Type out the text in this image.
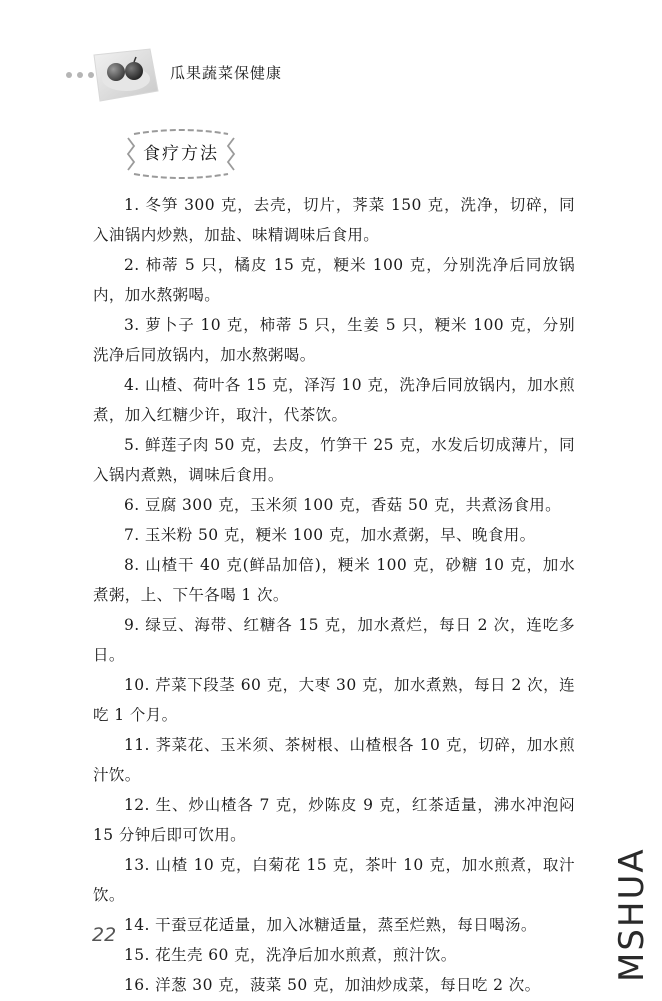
瓜果蔬菜保健康
食疗方法
1. 冬笋 300 克，去壳，切片，荠菜 150 克，洗净，切碎，同入油锅内炒熟，加盐、味精调味后食用。
2. 柿蒂 5 只，橘皮 15 克，粳米 100 克，分别洗净后同放锅内，加水熬粥喝。
3. 萝卜子 10 克，柿蒂 5 只，生姜 5 只，粳米 100 克，分别洗净后同放锅内，加水熬粥喝。
4. 山楂、荷叶各 15 克，泽泻 10 克，洗净后同放锅内，加水煎煮，加入红糖少许，取汁，代茶饮。
5. 鲜莲子肉 50 克，去皮，竹笋干 25 克，水发后切成薄片，同入锅内煮熟，调味后食用。
6. 豆腐 300 克，玉米须 100 克，香菇 50 克，共煮汤食用。
7. 玉米粉 50 克，粳米 100 克，加水煮粥，早、晚食用。
8. 山楂干 40 克(鲜品加倍)，粳米 100 克，砂糖 10 克，加水煮粥，上、下午各喝 1 次。
9. 绿豆、海带、红糖各 15 克，加水煮烂，每日 2 次，连吃多日。
10. 芹菜下段茎 60 克，大枣 30 克，加水煮熟，每日 2 次，连吃 1 个月。
11. 荠菜花、玉米须、茶树根、山楂根各 10 克，切碎，加水煎汁饮。
12. 生、炒山楂各 7 克，炒陈皮 9 克，红茶适量，沸水冲泡闷 15 分钟后即可饮用。
13. 山楂 10 克，白菊花 15 克，茶叶 10 克，加水煎煮，取汁饮。
14. 干蚕豆花适量，加入冰糖适量，蒸至烂熟，每日喝汤。
15. 花生壳 60 克，洗净后加水煎煮，煎汁饮。
16. 洋葱 30 克，菠菜 50 克，加油炒成菜，每日吃 2 次。
22	MSHUA
